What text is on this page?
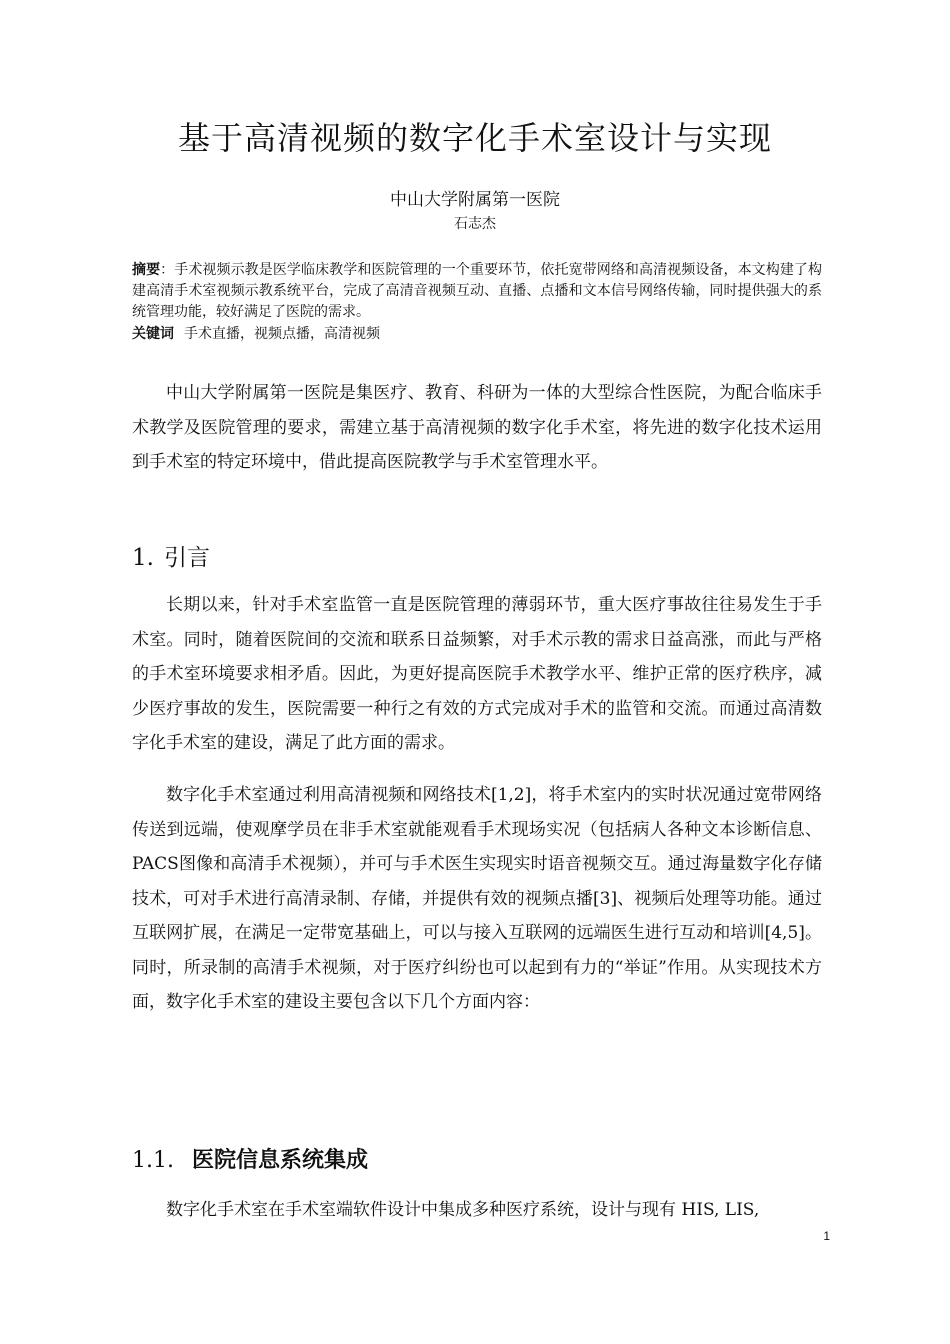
基于高清视频的数字化手术室设计与实现
中山大学附属第一医院
石志杰
摘要：手术视频示教是医学临床教学和医院管理的一个重要环节，依托宽带网络和高清视频设备，本文构建了构建高清手术室视频示教系统平台，完成了高清音视频互动、直播、点播和文本信号网络传输，同时提供强大的系统管理功能，较好满足了医院的需求。
关键词 手术直播，视频点播，高清视频

中山大学附属第一医院是集医疗、教育、科研为一体的大型综合性医院，为配合临床手术教学及医院管理的要求，需建立基于高清视频的数字化手术室，将先进的数字化技术运用到手术室的特定环境中，借此提高医院教学与手术室管理水平。

1. 引言

长期以来，针对手术室监管一直是医院管理的薄弱环节，重大医疗事故往往易发生于手术室。同时，随着医院间的交流和联系日益频繁，对手术示教的需求日益高涨，而此与严格的手术室环境要求相矛盾。因此，为更好提高医院手术教学水平、维护正常的医疗秩序，减少医疗事故的发生，医院需要一种行之有效的方式完成对手术的监管和交流。而通过高清数字化手术室的建设，满足了此方面的需求。

数字化手术室通过利用高清视频和网络技术[1,2]，将手术室内的实时状况通过宽带网络传送到远端，使观摩学员在非手术室就能观看手术现场实况（包括病人各种文本诊断信息、PACS图像和高清手术视频），并可与手术医生实现实时语音视频交互。通过海量数字化存储技术，可对手术进行高清录制、存储，并提供有效的视频点播[3]、视频后处理等功能。通过互联网扩展，在满足一定带宽基础上，可以与接入互联网的远端医生进行互动和培训[4,5]。同时，所录制的高清手术视频，对于医疗纠纷也可以起到有力的“举证”作用。从实现技术方面，数字化手术室的建设主要包含以下几个方面内容：

1.1. 医院信息系统集成

数字化手术室在手术室端软件设计中集成多种医疗系统，设计与现有 HIS, LIS,

1
